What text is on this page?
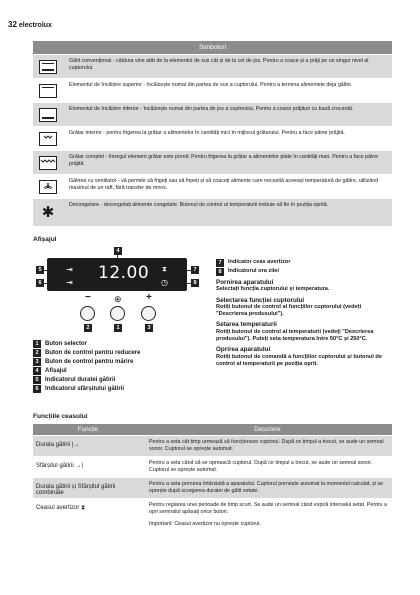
32 electrolux
Simboluri
Gătit convențional - căldura vine atât de la elementul de sus cât și de la cel de jos. Pentru a coace și a prăji pe un singur nivel al cuptorului.
Elementul de încălzire superior - încălzește numai din partea de sus a cuptorului. Pentru a termina alimentele deja gătite.
Elementul de încălzire inferior - încălzește numai din partea de jos a cuptorului. Pentru a coace prăjituri cu bază crocantă.
Grătar interior - pentru frigerea la grătar a alimentelor în cantități mici în mijlocul grătarului. Pentru a face pâine prăjită.
Grătar complet - întregul element grătar este pornit. Pentru frigerea la grătar a alimentelor plate în cantități mari. Pentru a face pâine prăjită.
Gătirea cu ventilator - vă permite să frigeți sau să fripeți și să coaceți alimente care necesită aceeași temperatură de gătire, utilizând maximul de un raft, fără transfer de miros.
✱	Decongelare - decongelați alimente congelate. Butonul de control al temperaturii trebuie să fie în poziția oprită.
Afișajul
4
⇥
⇥ 12.00 ⧗
◷
5
6
7
8
−	+
⊕
2	1	3
1	Buton selector
2	Buton de control pentru reducere
3	Buton de control pentru mărire
4	Afișajul
5	Indicatorul duratei gătirii
6	Indicatorul sfârșitului gătirii
7	Indicator ceas avertizor
8	Indicatorul ora zilei
Pornirea aparatului

Selectați funcția cuptorului și temperatura.

Selectarea funcției cuptorului

Rotiți butonul de control al funcțiilor cuptorului (vedeți "Descrierea produsului").

Setarea temperaturii

Rotiți butonul de control al temperaturii (vedeți "Descrierea produsului"). Puteți seta temperatura între 50°C și 250°C.

Oprirea aparatului

Rotiți butonul de comandă a funcțiilor cuptorului și butonul de control al temperaturii pe poziția oprit.

Funcțiile ceasului
Funcție	Descriere
Durata gătirii |→	Pentru a seta cât timp urmează să funcționeze cuptorul. După ce timpul a trecut, se aude un semnal sonor. Cuptorul se oprește automat.
Sfârșitul gătirii →|	Pentru a seta când să se oprească cuptorul. După ce timpul a trecut, se aude un semnal sonor. Cuptorul se oprește automat.
Durata gătirii și Sfârșitul gătirii combinate
Pentru a seta pornirea întârziată a aparatului. Cuptorul pornește automat la momentul calculat, și se oprește după scurgerea duratei de gătit setate.
Ceasul avertizor ⧗	Pentru reglarea unei perioade de timp scurt. Se aude un semnal când expiră intervalul setat. Pentru a opri semnalul apăsați orice buton.
Important: Ceasul avertizor nu oprește cuptorul.
